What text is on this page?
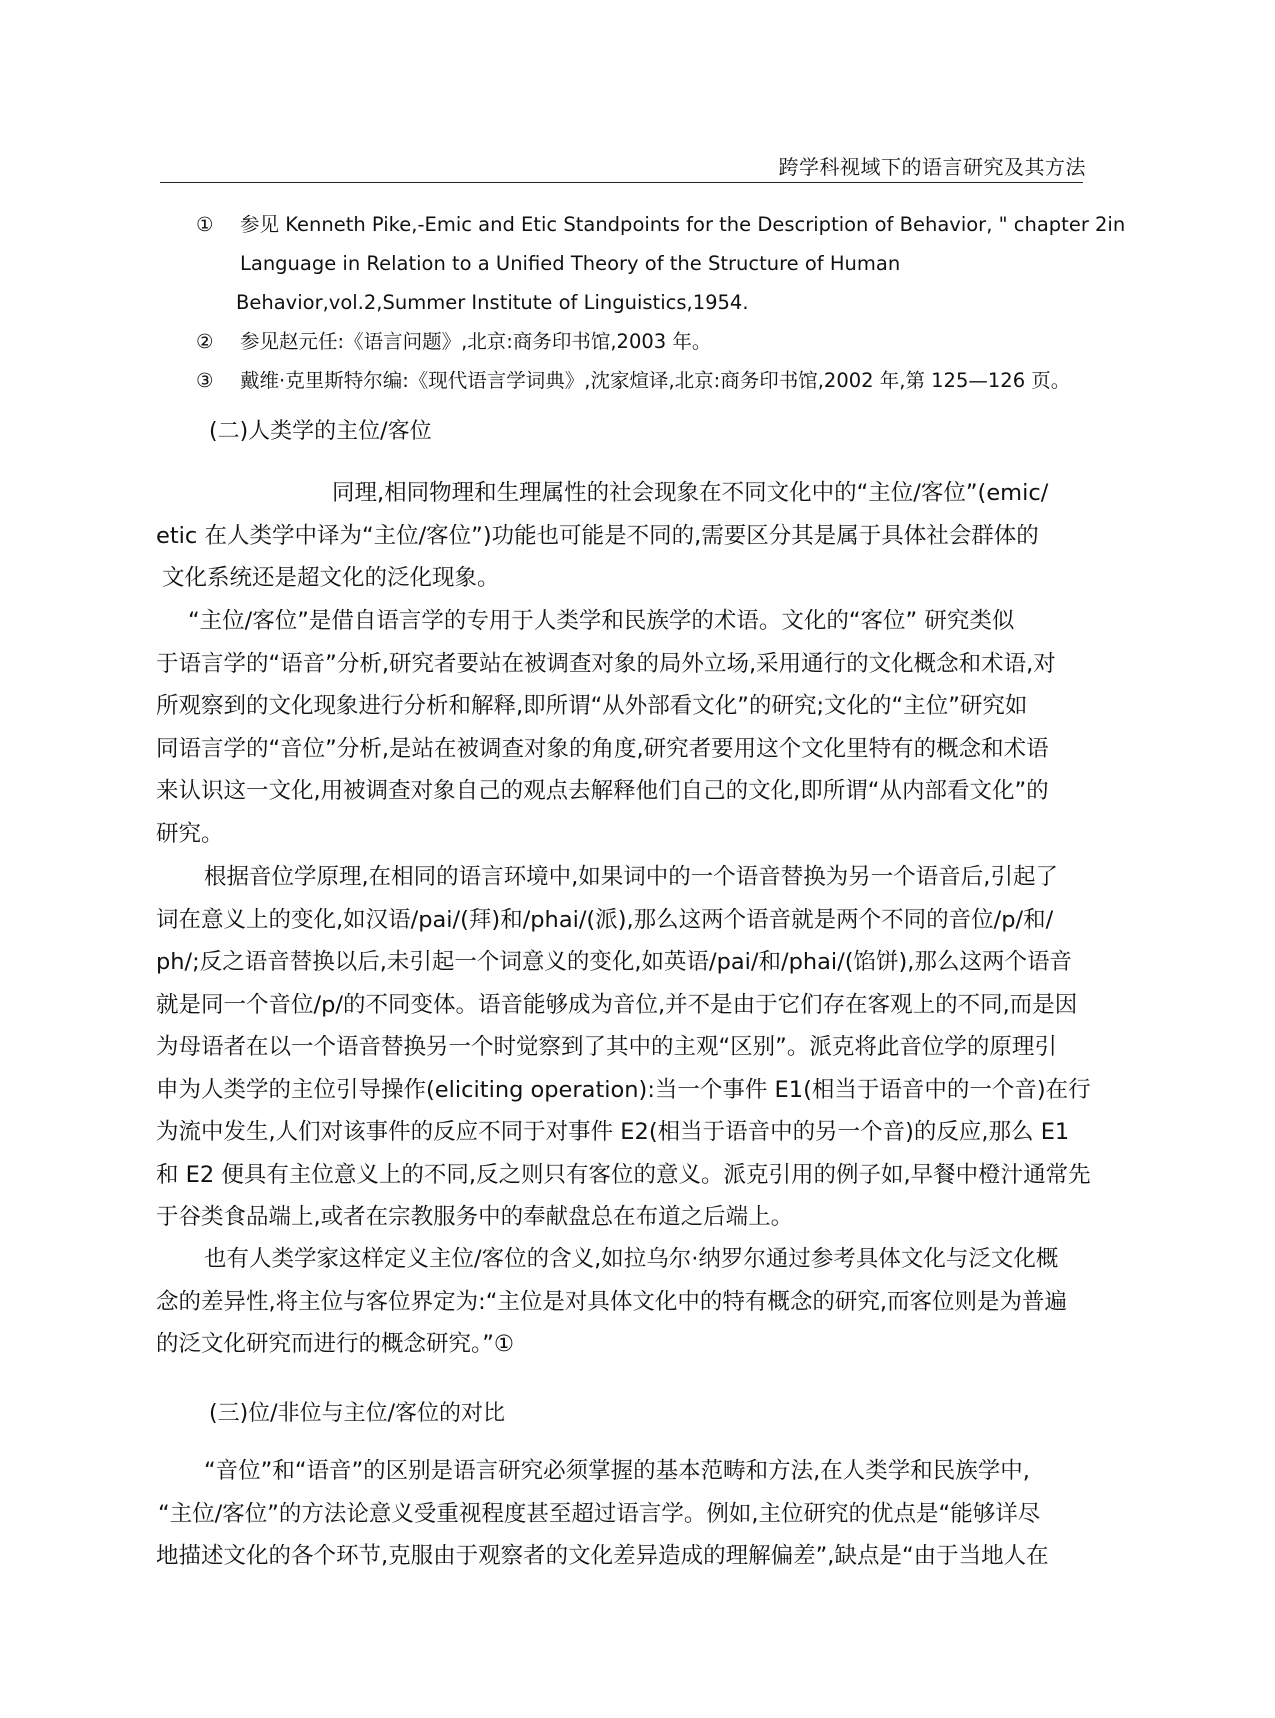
跨学科视域下的语言研究及其方法
① 参见 Kenneth Pike,-Emic and Etic Standpoints for the Description of Behavior, " chapter 2in
Language in Relation to a Unified Theory of the Structure of Human
Behavior,vol.2,Summer Institute of Linguistics,1954.
② 参见赵元任:《语言问题》,北京:商务印书馆,2003 年。
③ 戴维·克里斯特尔编:《现代语言学词典》,沈家煊译,北京:商务印书馆,2002 年,第 125—126 页。
(二)人类学的主位/客位
同理,相同物理和生理属性的社会现象在不同文化中的“主位/客位”(emic/
etic 在人类学中译为“主位/客位”)功能也可能是不同的,需要区分其是属于具体社会群体的
文化系统还是超文化的泛化现象。
“主位/客位”是借自语言学的专用于人类学和民族学的术语。文化的“客位” 研究类似
于语言学的“语音”分析,研究者要站在被调查对象的局外立场,采用通行的文化概念和术语,对
所观察到的文化现象进行分析和解释,即所谓“从外部看文化”的研究;文化的“主位”研究如
同语言学的“音位”分析,是站在被调查对象的角度,研究者要用这个文化里特有的概念和术语
来认识这一文化,用被调查对象自己的观点去解释他们自己的文化,即所谓“从内部看文化”的
研究。
根据音位学原理,在相同的语言环境中,如果词中的一个语音替换为另一个语音后,引起了
词在意义上的变化,如汉语/pai/(拜)和/phai/(派),那么这两个语音就是两个不同的音位/p/和/
ph/;反之语音替换以后,未引起一个词意义的变化,如英语/pai/和/phai/(馅饼),那么这两个语音
就是同一个音位/p/的不同变体。语音能够成为音位,并不是由于它们存在客观上的不同,而是因
为母语者在以一个语音替换另一个时觉察到了其中的主观“区别”。派克将此音位学的原理引
申为人类学的主位引导操作(eliciting operation):当一个事件 E1(相当于语音中的一个音)在行
为流中发生,人们对该事件的反应不同于对事件 E2(相当于语音中的另一个音)的反应,那么 E1
和 E2 便具有主位意义上的不同,反之则只有客位的意义。派克引用的例子如,早餐中橙汁通常先
于谷类食品端上,或者在宗教服务中的奉献盘总在布道之后端上。
也有人类学家这样定义主位/客位的含义,如拉乌尔·纳罗尔通过参考具体文化与泛文化概
念的差异性,将主位与客位界定为:“主位是对具体文化中的特有概念的研究,而客位则是为普遍
的泛文化研究而进行的概念研究。”①
(三)位/非位与主位/客位的对比
“音位”和“语音”的区别是语言研究必须掌握的基本范畴和方法,在人类学和民族学中,
“主位/客位”的方法论意义受重视程度甚至超过语言学。例如,主位研究的优点是“能够详尽
地描述文化的各个环节,克服由于观察者的文化差异造成的理解偏差”,缺点是“由于当地人在
